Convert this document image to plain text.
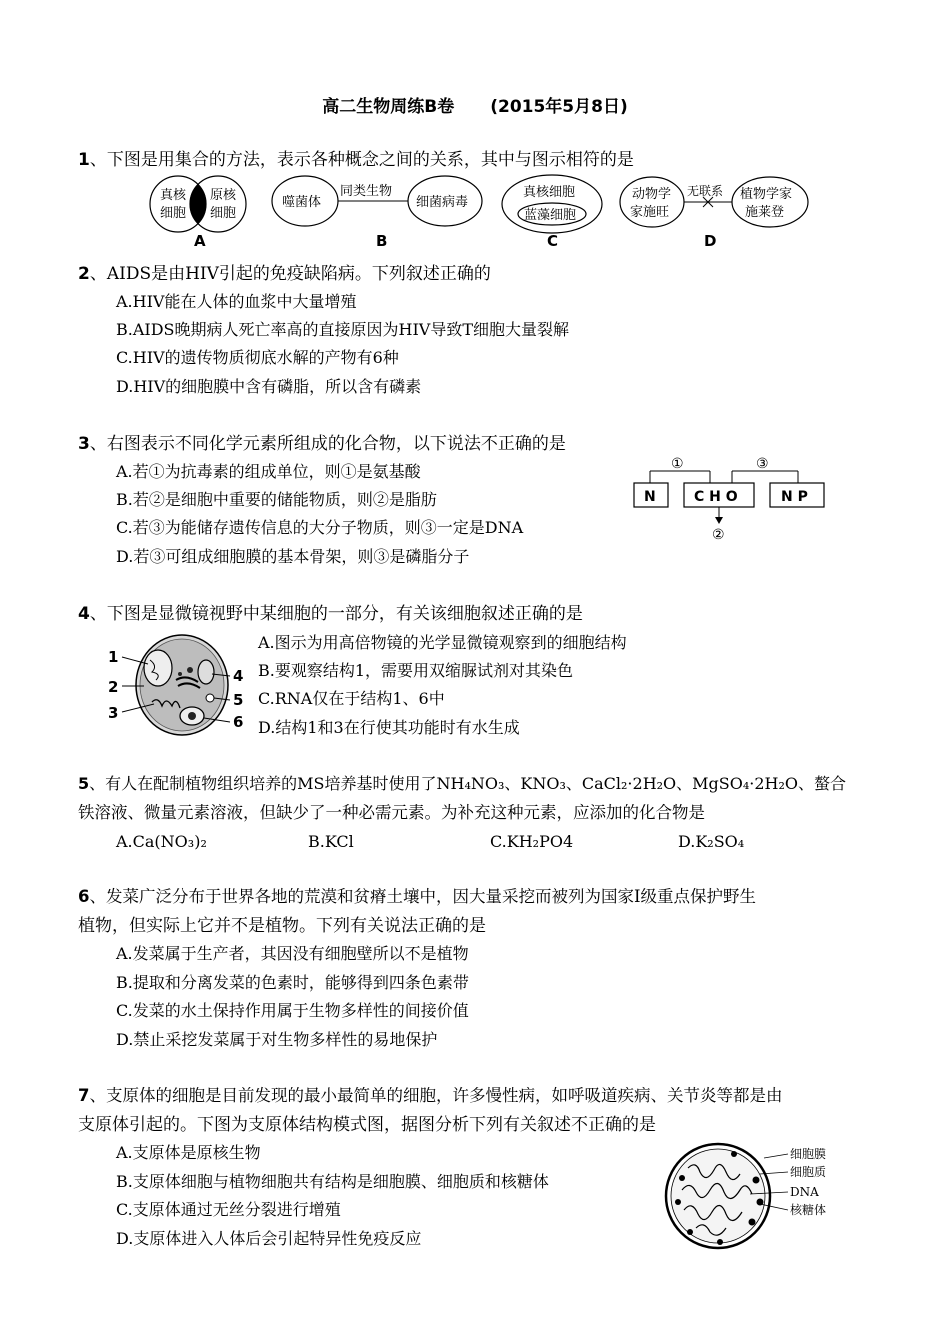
高二生物周练B卷 (2015年5月8日)
1、下图是用集合的方法，表示各种概念之间的关系，其中与图示相符的是
真核
细胞
原核
细胞
噬菌体
同类生物
细菌病毒
真核细胞
蓝藻细胞
动物学
家施旺
无联系 植物学家
施莱登
A	B	C	D
2、AIDS是由HIV引起的免疫缺陷病。下列叙述正确的
A.HIV能在人体的血浆中大量增殖
B.AIDS晚期病人死亡率高的直接原因为HIV导致T细胞大量裂解
C.HIV的遗传物质彻底水解的产物有6种
D.HIV的细胞膜中含有磷脂，所以含有磷素
3、右图表示不同化学元素所组成的化合物，以下说法不正确的是
A.若①为抗毒素的组成单位，则①是氨基酸
B.若②是细胞中重要的储能物质，则②是脂肪
C.若③为能储存遗传信息的大分子物质，则③一定是DNA
D.若③可组成细胞膜的基本骨架，则③是磷脂分子
N	C H O	N P
①	③
②
4、下图是显微镜视野中某细胞的一部分，有关该细胞叙述正确的是
A.图示为用高倍物镜的光学显微镜观察到的细胞结构
B.要观察结构1，需要用双缩脲试剂对其染色
C.RNA仅在于结构1、6中
D.结构1和3在行使其功能时有水生成
1
2
3
4
5
6
5、有人在配制植物组织培养的MS培养基时使用了NH₄NO₃、KNO₃、CaCl₂·2H₂O、MgSO₄·2H₂O、螯合
铁溶液、微量元素溶液，但缺少了一种必需元素。为补充这种元素，应添加的化合物是
A.Ca(NO₃)₂	B.KCl	C.KH₂PO4	D.K₂SO₄
6、发菜广泛分布于世界各地的荒漠和贫瘠土壤中，因大量采挖而被列为国家Ⅰ级重点保护野生
植物，但实际上它并不是植物。下列有关说法正确的是
A.发菜属于生产者，其因没有细胞壁所以不是植物
B.提取和分离发菜的色素时，能够得到四条色素带
C.发菜的水土保持作用属于生物多样性的间接价值
D.禁止采挖发菜属于对生物多样性的易地保护
7、支原体的细胞是目前发现的最小最简单的细胞，许多慢性病，如呼吸道疾病、关节炎等都是由
支原体引起的。下图为支原体结构模式图，据图分析下列有关叙述不正确的是
A.支原体是原核生物
B.支原体细胞与植物细胞共有结构是细胞膜、细胞质和核糖体
C.支原体通过无丝分裂进行增殖
D.支原体进入人体后会引起特异性免疫反应
细胞膜
细胞质
DNA
核糖体
